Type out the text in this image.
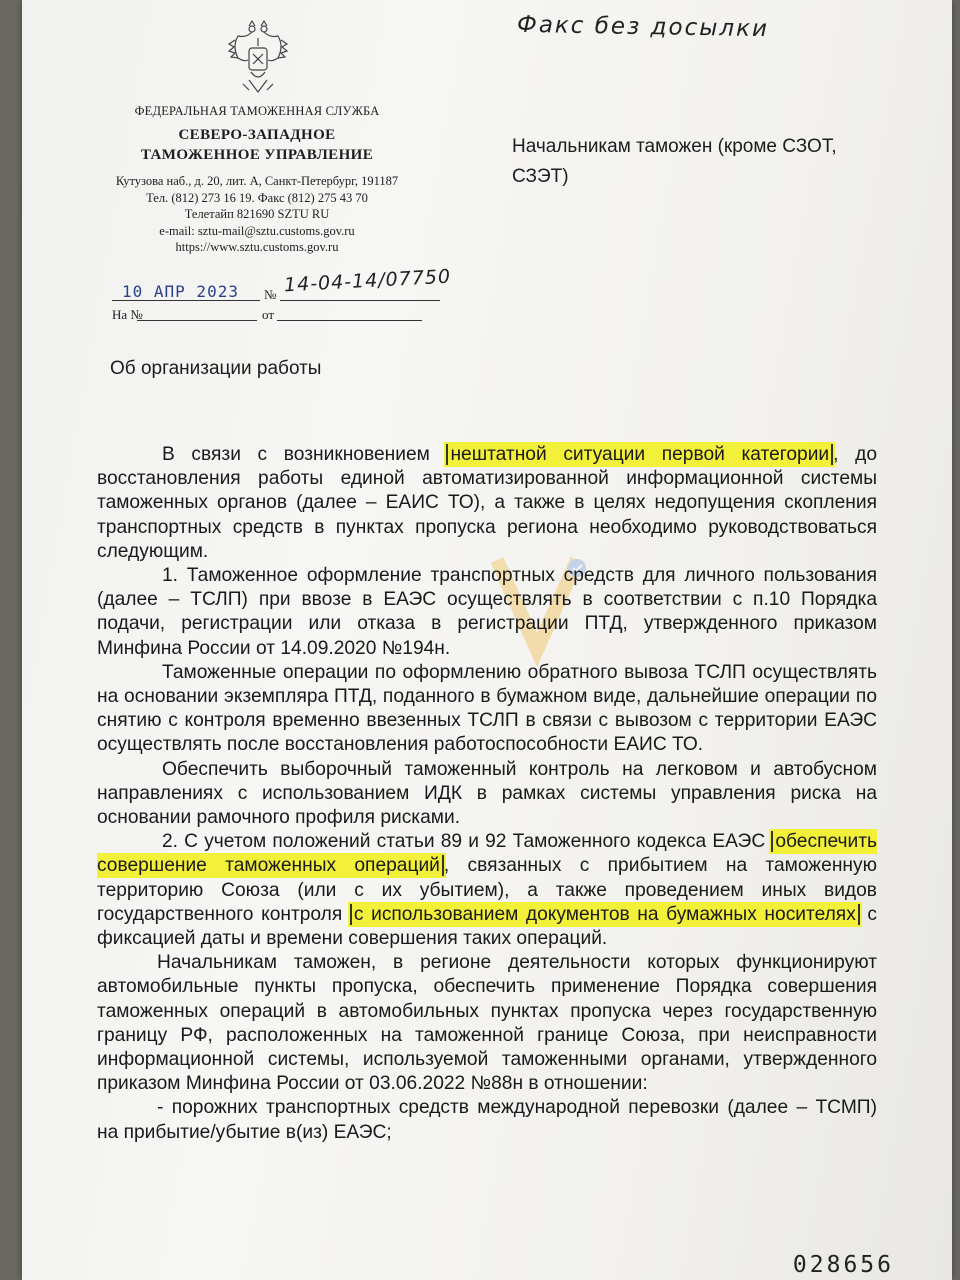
ФЕДЕРАЛЬНАЯ ТАМОЖЕННАЯ СЛУЖБА
СЕВЕРО-ЗАПАДНОЕ
ТАМОЖЕННОЕ УПРАВЛЕНИЕ
Кутузова наб., д. 20, лит. А, Санкт-Петербург, 191187
Тел. (812) 273 16 19. Факс (812) 275 43 70
Телетайп 821690 SZTU RU
e-mail: sztu-mail@sztu.customs.gov.ru
https://www.sztu.customs.gov.ru
Факс без досылки
Начальникам таможен (кроме СЗОТ, СЗЭТ)
10 АПР 2023 № 14-04-14/07750
На №	от
Об организации работы

В связи с возникновением нештатной ситуации первой категории , до восстановления работы единой автоматизированной информационной системы таможенных органов (далее – ЕАИС ТО), а также в целях недопущения скопления транспортных средств в пунктах пропуска региона необходимо руководствоваться следующим.

1. Таможенное оформление транспортных средств для личного пользования (далее – ТСЛП) при ввозе в ЕАЭС осуществлять в соответствии с п.10 Порядка подачи, регистрации или отказа в регистрации ПТД, утвержденного приказом Минфина России от 14.09.2020 №194н.

Таможенные операции по оформлению обратного вывоза ТСЛП осуществлять на основании экземпляра ПТД, поданного в бумажном виде, дальнейшие операции по снятию с контроля временно ввезенных ТСЛП в связи с вывозом с территории ЕАЭС осуществлять после восстановления работоспособности ЕАИС ТО.

Обеспечить выборочный таможенный контроль на легковом и автобусном направлениях с использованием ИДК в рамках системы управления риска на основании рамочного профиля рисками.

2. С учетом положений статьи 89 и 92 Таможенного кодекса ЕАЭС обеспечить совершение таможенных операций , связанных с прибытием на таможенную территорию Союза (или с их убытием), а также проведением иных видов государственного контроля с использованием документов на бумажных носителях с фиксацией даты и времени совершения таких операций.

Начальникам таможен, в регионе деятельности которых функционируют автомобильные пункты пропуска, обеспечить применение Порядка совершения таможенных операций в автомобильных пунктах пропуска через государственную границу РФ, расположенных на таможенной границе Союза, при неисправности информационной системы, используемой таможенными органами, утвержденного приказом Минфина России от 03.06.2022 №88н в отношении:

- порожних транспортных средств международной перевозки (далее – ТСМП) на прибытие/убытие в(из) ЕАЭС;

028656
